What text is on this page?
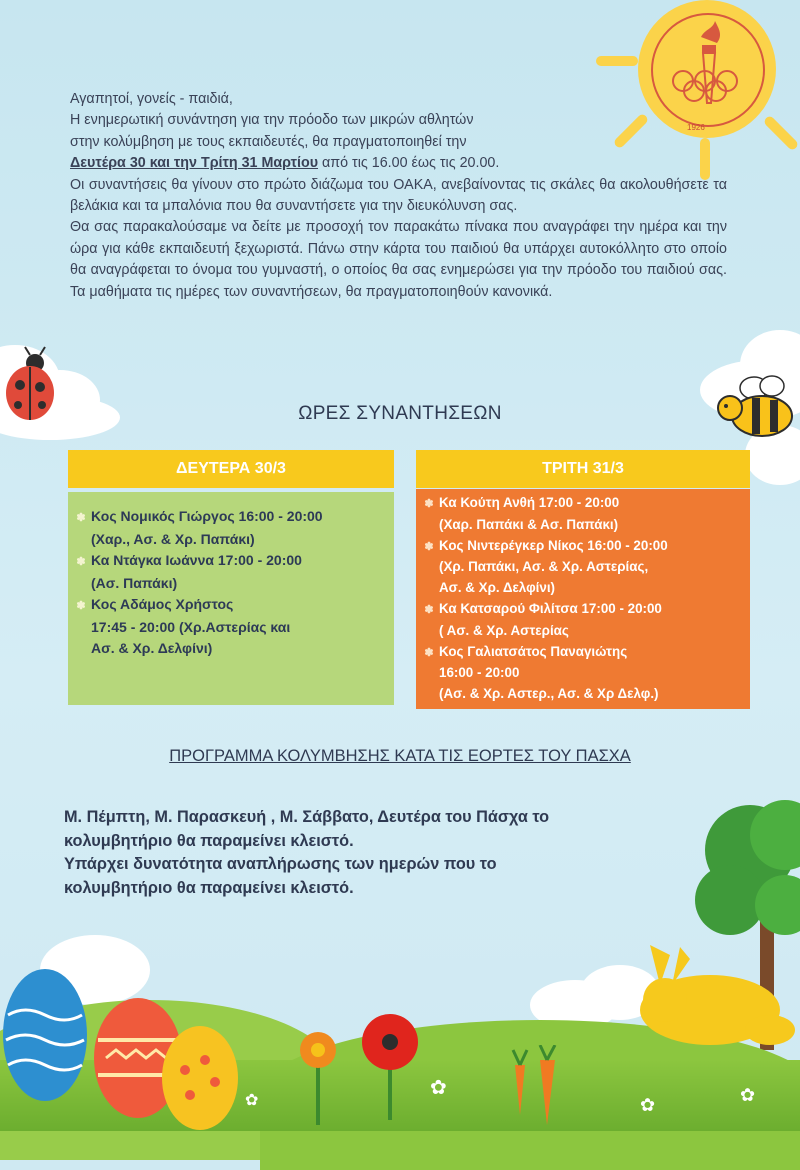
1926

Αγαπητοί, γονείς - παιδιά,

Η ενημερωτική συνάντηση για την πρόοδο των μικρών αθλητών

στην κολύμβηση με τους εκπαιδευτές, θα πραγματοποιηθεί την

Δευτέρα 30 και την Τρίτη 31 Μαρτίου από τις 16.00 έως τις 20.00.

Οι συναντήσεις θα γίνουν στο πρώτο διάζωμα του ΟΑΚΑ, ανεβαίνοντας τις σκάλες θα ακολουθήσετε τα βελάκια και τα μπαλόνια που θα συναντήσετε για την διευκόλυνση σας.

Θα σας παρακαλούσαμε να δείτε με προσοχή τον παρακάτω πίνακα που αναγράφει την ημέρα και την ώρα για κάθε εκπαιδευτή ξεχωριστά. Πάνω στην κάρτα του παιδιού θα υπάρχει αυτοκόλλητο στο οποίο θα αναγράφεται το όνομα του γυμναστή, ο οποίος θα σας ενημερώσει για την πρόοδο του παιδιού σας. Τα μαθήματα τις ημέρες των συναντήσεων, θα πραγματοποιηθούν κανονικά.

ΩΡΕΣ ΣΥΝΑΝΤΗΣΕΩΝ
ΔΕΥΤΕΡΑ 30/3
✽ Κος Νομικός Γιώργος 16:00 - 20:00
(Χαρ., Ασ. & Χρ. Παπάκι)
✽ Κα Ντάγκα Ιωάννα 17:00 - 20:00
(Ασ. Παπάκι)
✽ Κος Αδάμος Χρήστος
17:45 - 20:00 (Χρ.Αστερίας και
Ασ. & Χρ. Δελφίνι)
ΤΡΙΤΗ 31/3
✽ Κα Κούτη Ανθή 17:00 - 20:00
(Χαρ. Παπάκι & Ασ. Παπάκι)
✽ Κος Νιντερέγκερ Νίκος 16:00 - 20:00
(Χρ. Παπάκι, Ασ. & Χρ. Αστερίας,
Ασ. & Χρ. Δελφίνι)
✽ Κα Κατσαρού Φιλίτσα 17:00 - 20:00
( Ασ. & Χρ. Αστερίας
✽ Κος Γαλιατσάτος Παναγιώτης
16:00 - 20:00
(Ασ. & Χρ. Αστερ., Ασ. & Χρ Δελφ.)
ΠΡΟΓΡΑΜΜΑ ΚΟΛΥΜΒΗΣΗΣ ΚΑΤΑ ΤΙΣ ΕΟΡΤΕΣ ΤΟΥ ΠΑΣΧΑ

Μ. Πέμπτη, Μ. Παρασκευή , Μ. Σάββατο, Δευτέρα του Πάσχα το

κολυμβητήριο θα παραμείνει κλειστό.

Υπάρχει δυνατότητα αναπλήρωσης των ημερών που το

κολυμβητήριο θα παραμείνει κλειστό.

✿
✿
✿	✿
